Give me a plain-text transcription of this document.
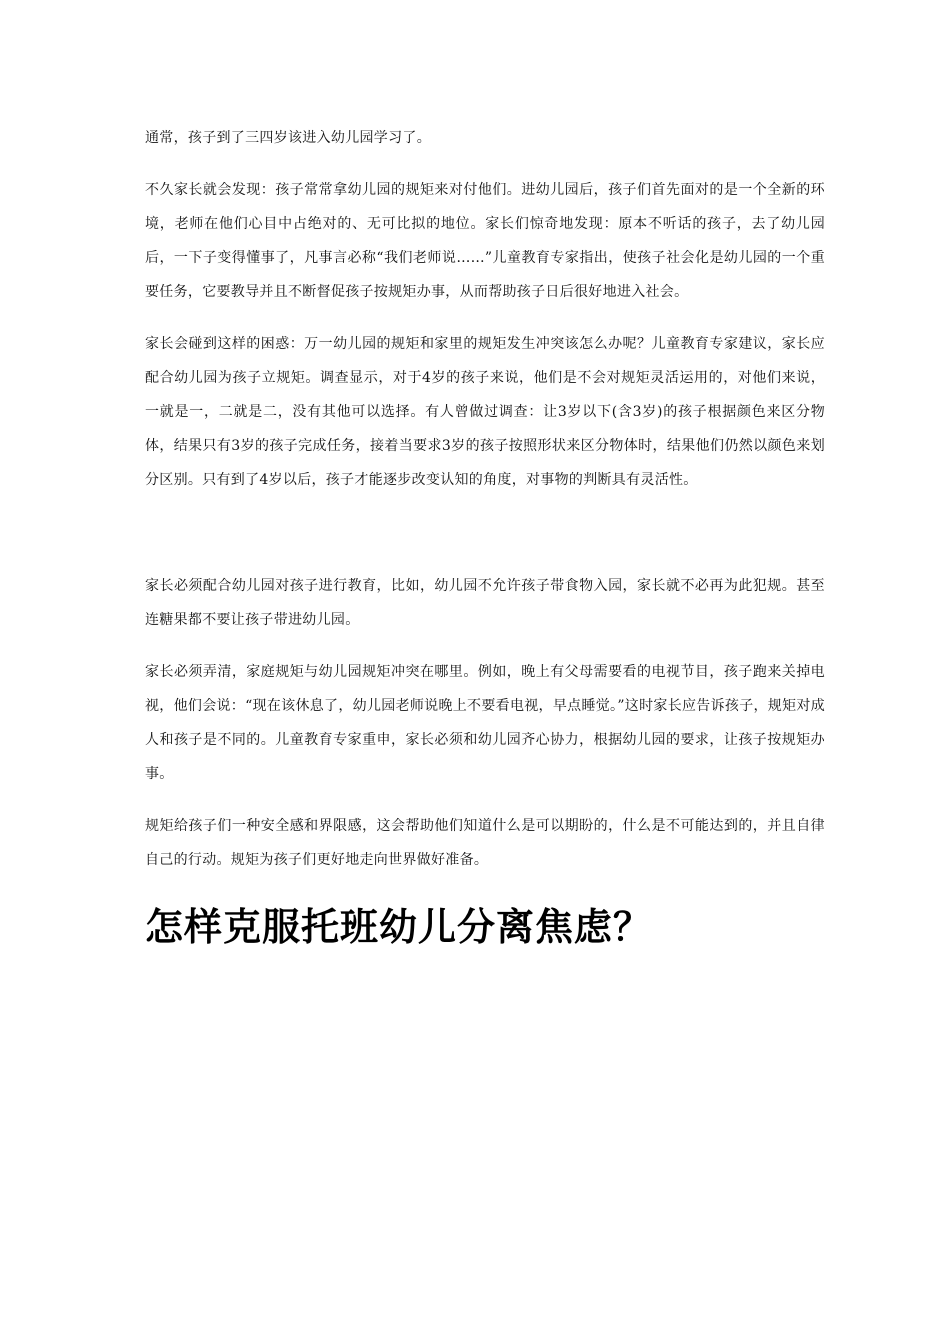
通常，孩子到了三四岁该进入幼儿园学习了。

不久家长就会发现：孩子常常拿幼儿园的规矩来对付他们。进幼儿园后，孩子们首先面对的是一个全新的环境，老师在他们心目中占绝对的、无可比拟的地位。家长们惊奇地发现：原本不听话的孩子，去了幼儿园后，一下子变得懂事了，凡事言必称“我们老师说……”儿童教育专家指出，使孩子社会化是幼儿园的一个重要任务，它要教导并且不断督促孩子按规矩办事，从而帮助孩子日后很好地进入社会。

家长会碰到这样的困惑：万一幼儿园的规矩和家里的规矩发生冲突该怎么办呢？儿童教育专家建议，家长应配合幼儿园为孩子立规矩。调查显示，对于4岁的孩子来说，他们是不会对规矩灵活运用的，对他们来说，一就是一，二就是二，没有其他可以选择。有人曾做过调查：让3岁以下(含3岁)的孩子根据颜色来区分物体，结果只有3岁的孩子完成任务，接着当要求3岁的孩子按照形状来区分物体时，结果他们仍然以颜色来划分区别。只有到了4岁以后，孩子才能逐步改变认知的角度，对事物的判断具有灵活性。

家长必须配合幼儿园对孩子进行教育，比如，幼儿园不允许孩子带食物入园，家长就不必再为此犯规。甚至连糖果都不要让孩子带进幼儿园。

家长必须弄清，家庭规矩与幼儿园规矩冲突在哪里。例如，晚上有父母需要看的电视节目，孩子跑来关掉电视，他们会说：“现在该休息了，幼儿园老师说晚上不要看电视，早点睡觉。”这时家长应告诉孩子，规矩对成人和孩子是不同的。儿童教育专家重申，家长必须和幼儿园齐心协力，根据幼儿园的要求，让孩子按规矩办事。

规矩给孩子们一种安全感和界限感，这会帮助他们知道什么是可以期盼的，什么是不可能达到的，并且自律自己的行动。规矩为孩子们更好地走向世界做好准备。

怎样克服托班幼儿分离焦虑？
